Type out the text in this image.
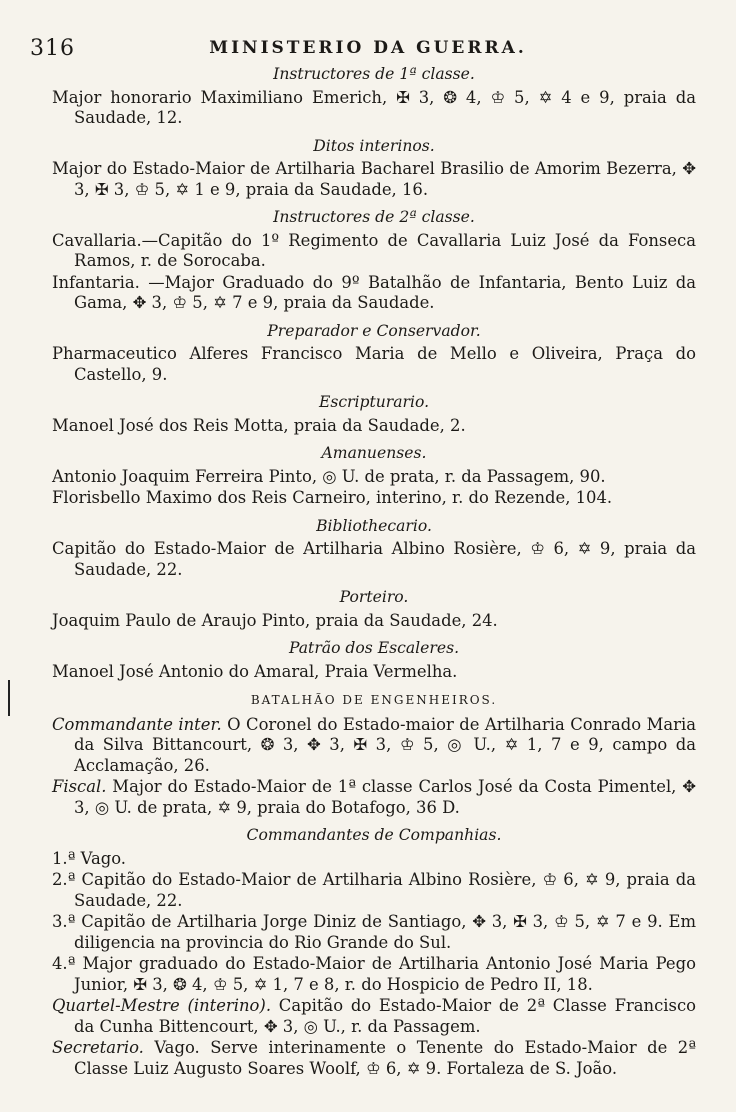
316	MINISTERIO DA GUERRA.
Instructores de 1ª classe.

Major honorario Maximiliano Emerich, ✠ 3, ❂ 4, ♔ 5, ✡ 4 e 9, praia da Saudade, 12.

Ditos interinos.

Major do Estado-Maior de Artilharia Bacharel Brasilio de Amorim Bezerra, ✥ 3, ✠ 3, ♔ 5, ✡ 1 e 9, praia da Saudade, 16.

Instructores de 2ª classe.

Cavallaria.—Capitão do 1º Regimento de Cavallaria Luiz José da Fonseca Ramos, r. de Sorocaba.

Infantaria. —Major Graduado do 9º Batalhão de Infantaria, Bento Luiz da Gama, ✥ 3, ♔ 5, ✡ 7 e 9, praia da Saudade.

Preparador e Conservador.

Pharmaceutico Alferes Francisco Maria de Mello e Oliveira, Praça do Castello, 9.

Escripturario.

Manoel José dos Reis Motta, praia da Saudade, 2.

Amanuenses.

Antonio Joaquim Ferreira Pinto, ◎ U. de prata, r. da Passagem, 90.

Florisbello Maximo dos Reis Carneiro, interino, r. do Rezende, 104.

Bibliothecario.

Capitão do Estado-Maior de Artilharia Albino Rosière, ♔ 6, ✡ 9, praia da Saudade, 22.

Porteiro.

Joaquim Paulo de Araujo Pinto, praia da Saudade, 24.

Patrão dos Escaleres.

Manoel José Antonio do Amaral, Praia Vermelha.

BATALHÃO DE ENGENHEIROS.

Commandante inter. O Coronel do Estado-maior de Artilharia Conrado Maria da Silva Bittancourt, ❂ 3, ✥ 3, ✠ 3, ♔ 5, ◎ U., ✡ 1, 7 e 9, campo da Acclamação, 26.

Fiscal. Major do Estado-Maior de 1ª classe Carlos José da Costa Pimentel, ✥ 3, ◎ U. de prata, ✡ 9, praia do Botafogo, 36 D.

Commandantes de Companhias.

1.ª Vago.

2.ª Capitão do Estado-Maior de Artilharia Albino Rosière, ♔ 6, ✡ 9, praia da Saudade, 22.

3.ª Capitão de Artilharia Jorge Diniz de Santiago, ✥ 3, ✠ 3, ♔ 5, ✡ 7 e 9. Em diligencia na provincia do Rio Grande do Sul.

4.ª Major graduado do Estado-Maior de Artilharia Antonio José Maria Pego Junior, ✠ 3, ❂ 4, ♔ 5, ✡ 1, 7 e 8, r. do Hospicio de Pedro II, 18.

Quartel-Mestre (interino). Capitão do Estado-Maior de 2ª Classe Francisco da Cunha Bittencourt, ✥ 3, ◎ U., r. da Passagem.

Secretario. Vago. Serve interinamente o Tenente do Estado-Maior de 2ª Classe Luiz Augusto Soares Woolf, ♔ 6, ✡ 9. Fortaleza de S. João.
